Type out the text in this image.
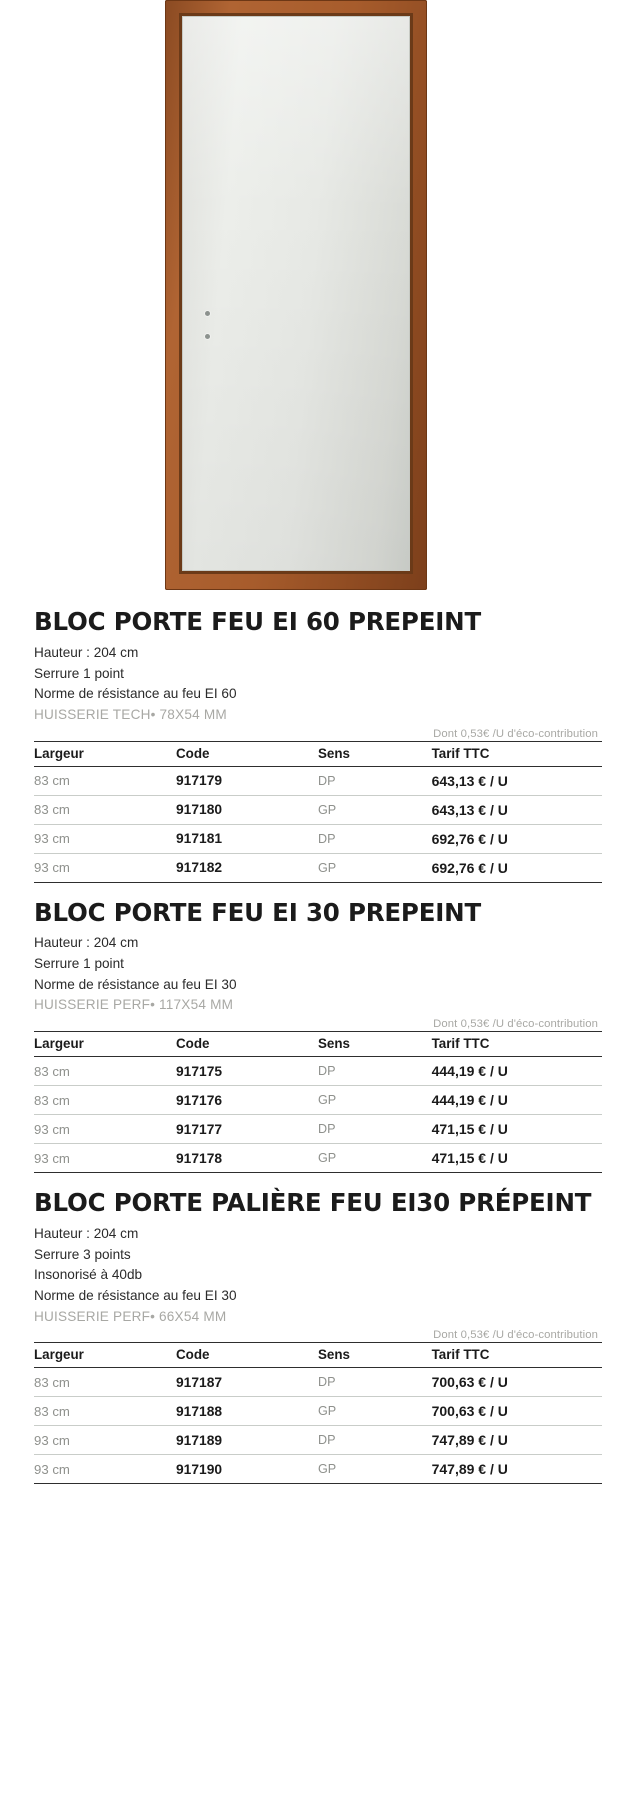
BLOC PORTE FEU EI 60 PREPEINT
Hauteur : 204 cm
Serrure 1 point
Norme de résistance au feu EI 60
HUISSERIE TECH• 78X54 MM
Dont 0,53€ /U d'éco-contribution
Largeur	Code	Sens	Tarif TTC
83 cm	917179	DP	643,13 € / U
83 cm	917180	GP	643,13 € / U
93 cm	917181	DP	692,76 € / U
93 cm	917182	GP	692,76 € / U
BLOC PORTE FEU EI 30 PREPEINT
Hauteur : 204 cm
Serrure 1 point
Norme de résistance au feu EI 30
HUISSERIE PERF• 117X54 MM
Dont 0,53€ /U d'éco-contribution
Largeur	Code	Sens	Tarif TTC
83 cm	917175	DP	444,19 € / U
83 cm	917176	GP	444,19 € / U
93 cm	917177	DP	471,15 € / U
93 cm	917178	GP	471,15 € / U
BLOC PORTE PALIÈRE FEU EI30 PRÉPEINT
Hauteur : 204 cm
Serrure 3 points
Insonorisé à 40db
Norme de résistance au feu EI 30
HUISSERIE PERF• 66X54 MM
Dont 0,53€ /U d'éco-contribution
Largeur	Code	Sens	Tarif TTC
83 cm	917187	DP	700,63 € / U
83 cm	917188	GP	700,63 € / U
93 cm	917189	DP	747,89 € / U
93 cm	917190	GP	747,89 € / U
